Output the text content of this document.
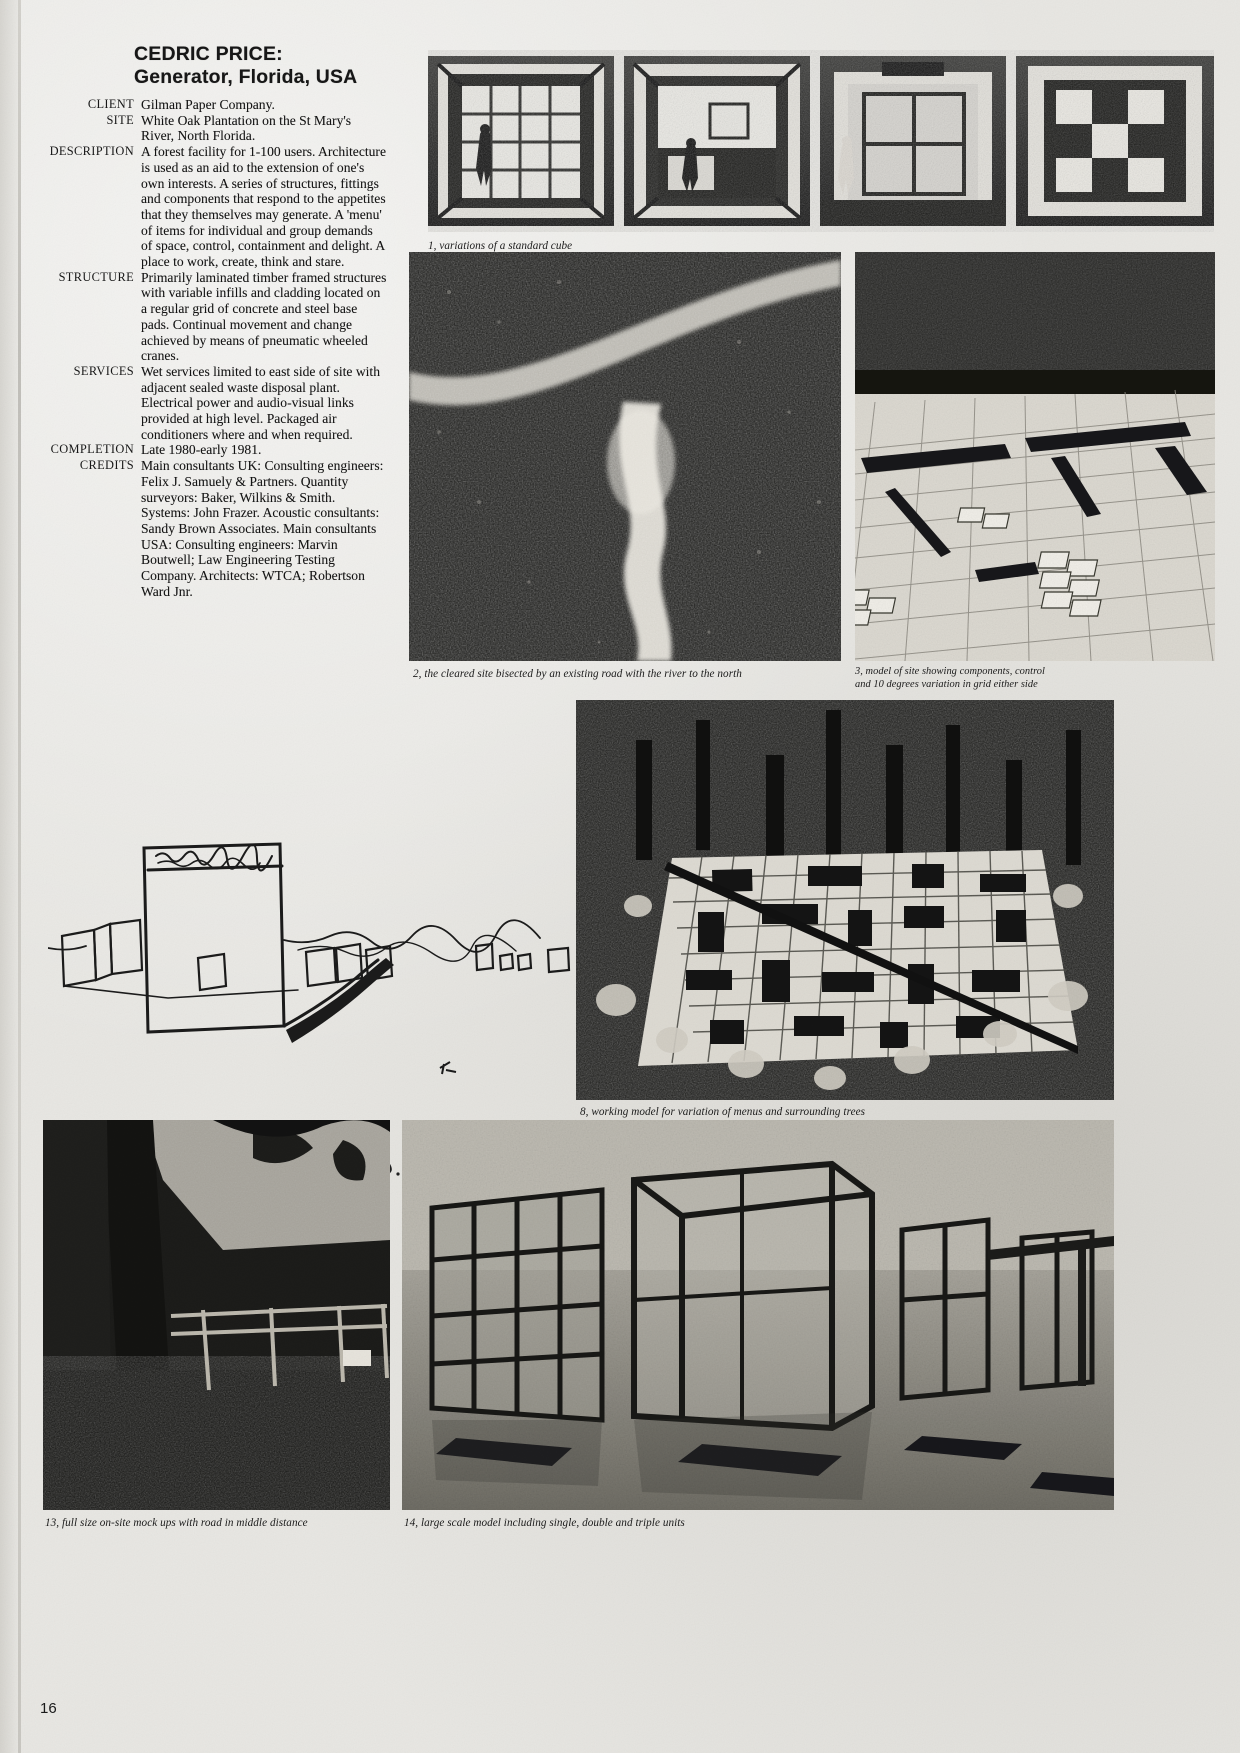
CEDRIC PRICE:
Generator, Florida, USA
CLIENT Gilman Paper Company.
SITE White Oak Plantation on the St Mary's River, North Florida.
DESCRIPTION A forest facility for 1-100 users. Architecture is used as an aid to the extension of one's own interests. A series of structures, fittings and components that respond to the appetites that they themselves may generate. A 'menu' of items for individual and group demands of space, control, containment and delight. A place to work, create, think and stare.
STRUCTURE Primarily laminated timber framed structures with variable infills and cladding located on a regular grid of concrete and steel base pads. Continual movement and change achieved by means of pneumatic wheeled cranes.
SERVICES Wet services limited to east side of site with adjacent sealed waste disposal plant. Electrical power and audio-visual links provided at high level. Packaged air conditioners where and when required.
COMPLETION Late 1980-early 1981.
CREDITS Main consultants UK: Consulting engineers: Felix J. Samuely & Partners. Quantity surveyors: Baker, Wilkins & Smith. Systems: John Frazer. Acoustic consultants: Sandy Brown Associates. Main consultants USA: Consulting engineers: Marvin Boutwell; Law Engineering Testing Company. Architects: WTCA; Robertson Ward Jnr.
1, variations of a standard cube
2, the cleared site bisected by an existing road with the river to the north	3, model of site showing components, control
and 10 degrees variation in grid either side
8, working model for variation of menus and surrounding trees
13, full size on-site mock ups with road in middle distance	14, large scale model including single, double and triple units
16
